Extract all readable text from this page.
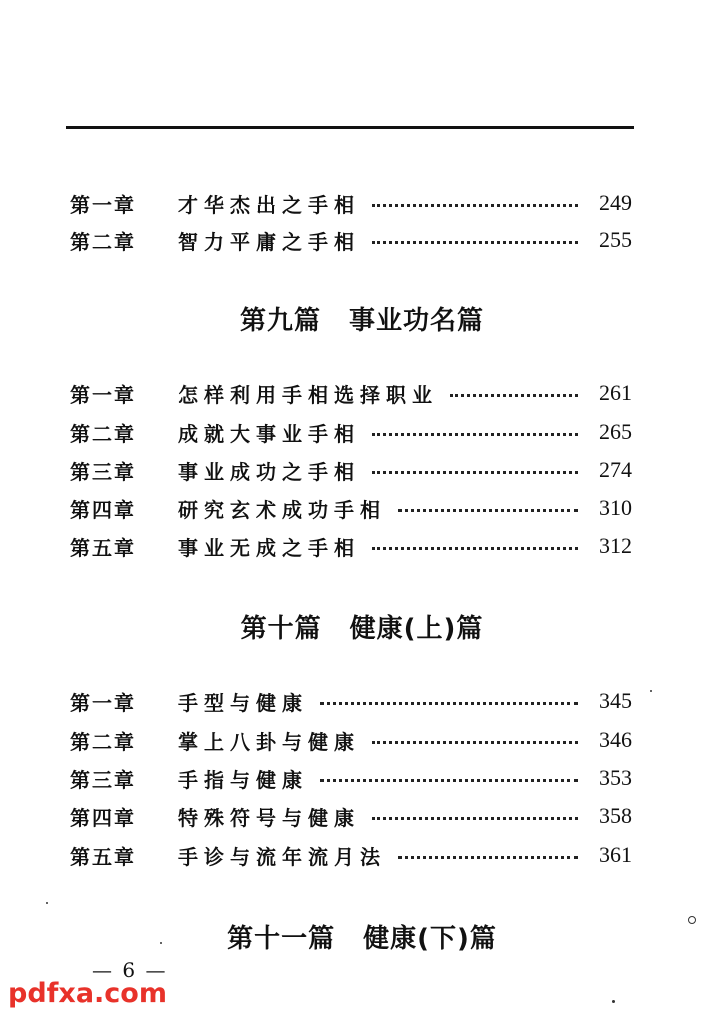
第一章	才华杰出之手相	249
第二章	智力平庸之手相	255
第九篇 事业功名篇
第一章	怎样利用手相选择职业	261
第二章	成就大事业手相	265
第三章	事业成功之手相	274
第四章	研究玄术成功手相	310
第五章	事业无成之手相	312
第十篇 健康(上)篇
第一章	手型与健康	345
第二章	掌上八卦与健康	346
第三章	手指与健康	353
第四章	特殊符号与健康	358
第五章	手诊与流年流月法	361
第十一篇 健康(下)篇
— 6 —
pdfxa.com
